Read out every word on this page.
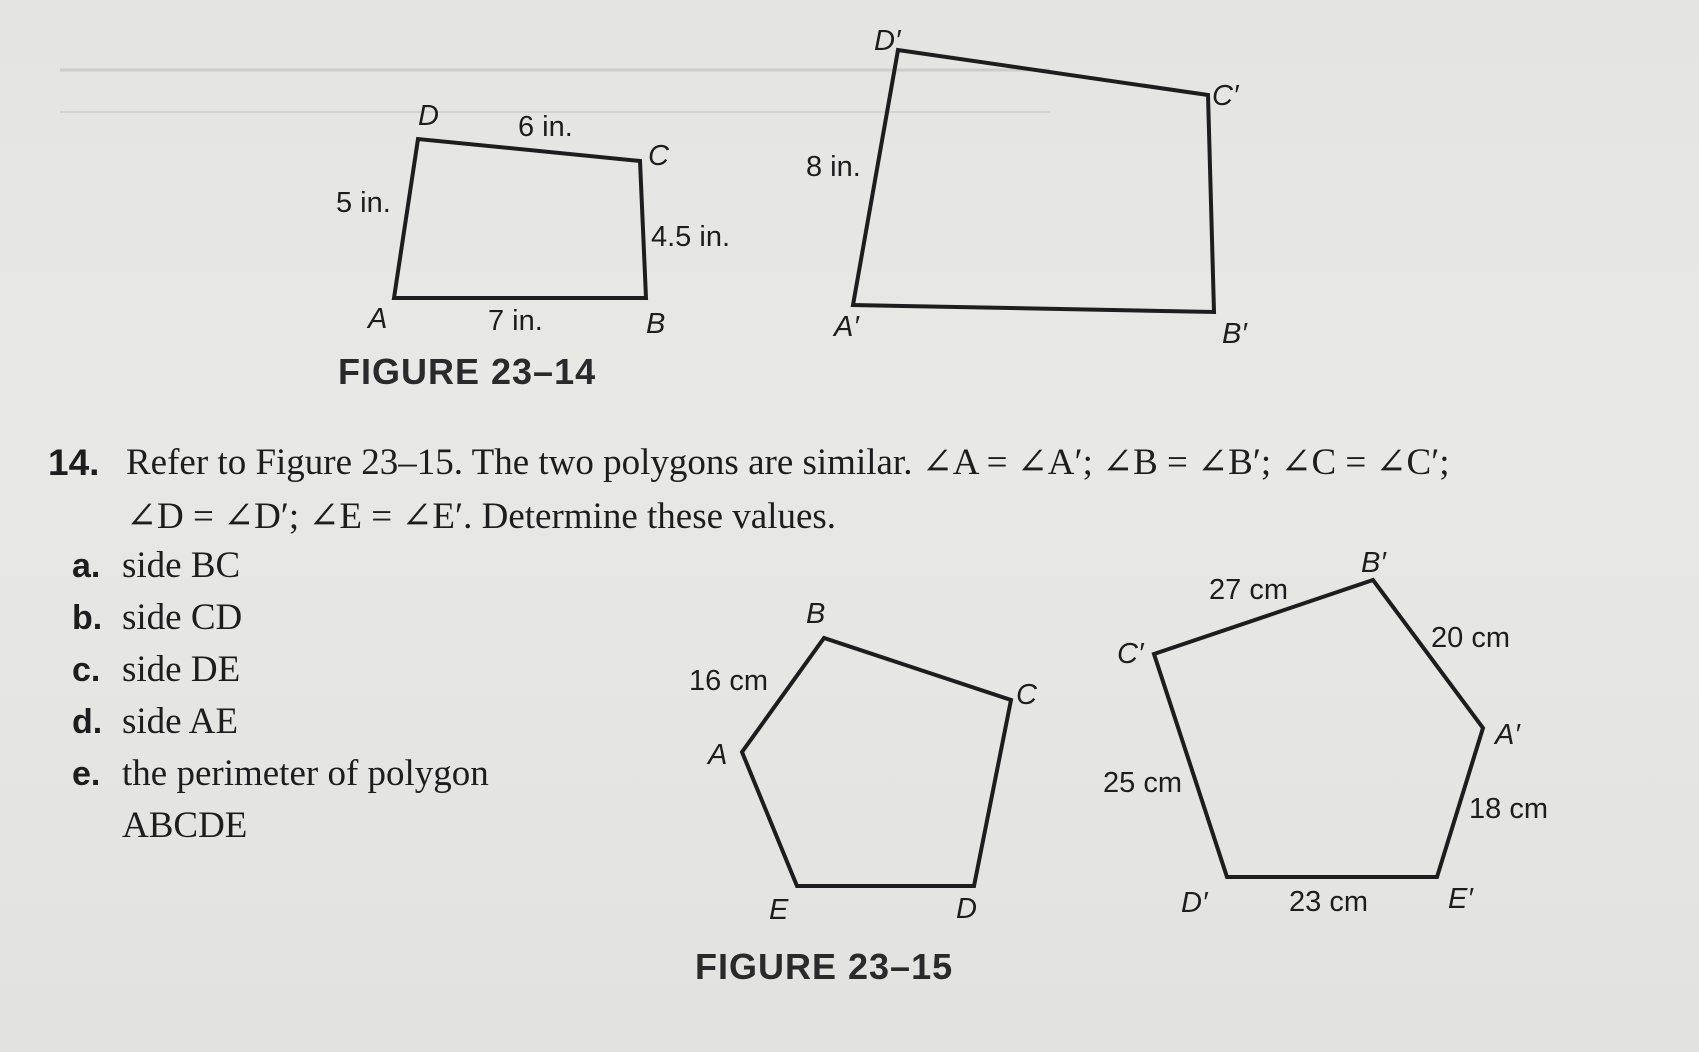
D
C
A	B
6 in.
5 in.
4.5 in.
7 in.
D′
C′
A′	B′
8 in.
FIGURE 23–14
B
C
A
D
E
16 cm
B′
C′
A′
D′	E′
27 cm
20 cm
18 cm
23 cm
25 cm
FIGURE 23–15
14. Refer to Figure 23–15. The two polygons are similar. ∠A = ∠A′; ∠B = ∠B′; ∠C = ∠C′;
∠D = ∠D′; ∠E = ∠E′. Determine these values.
a. side BC
b. side CD
c. side DE
d. side AE
e. the perimeter of polygon
ABCDE
